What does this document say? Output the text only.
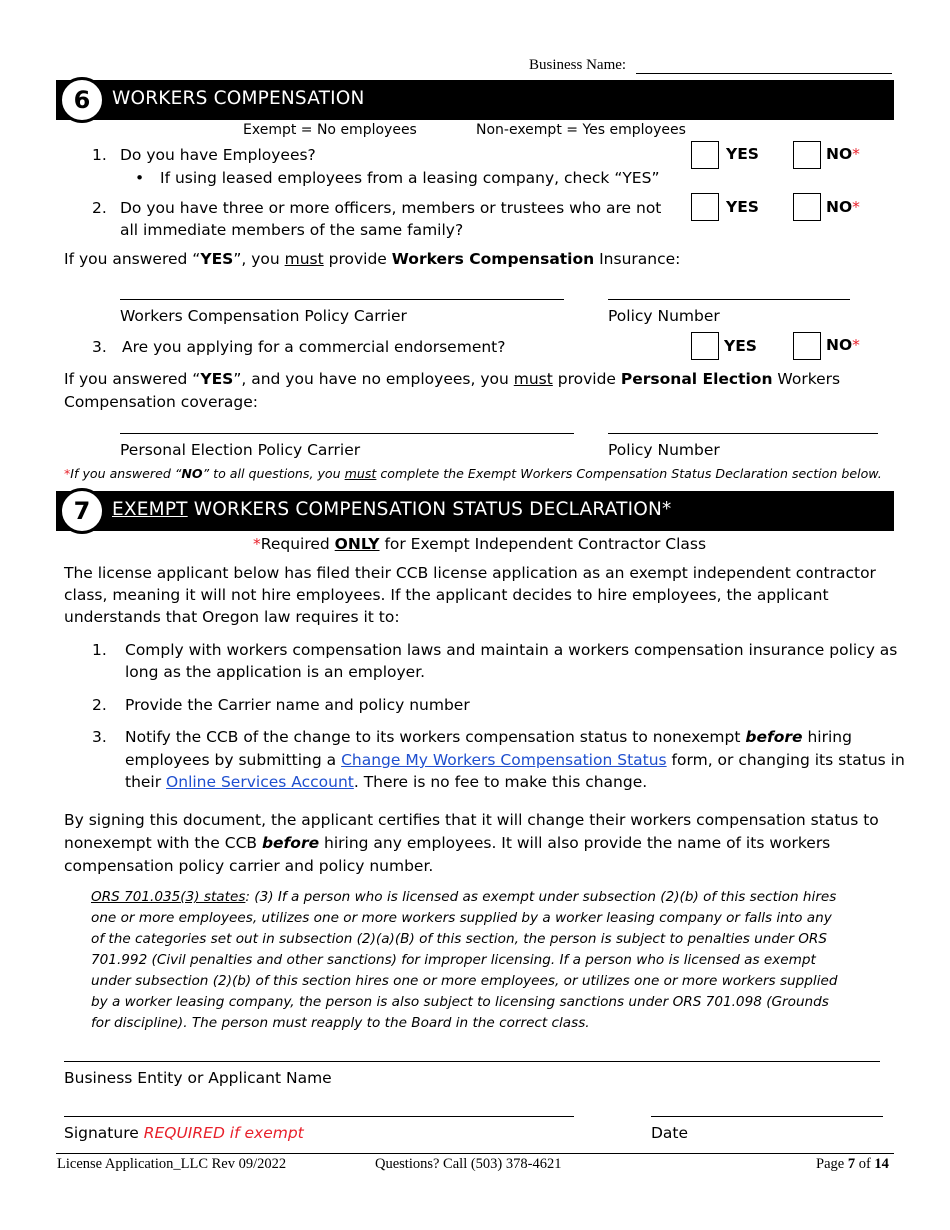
Business Name:
6	WORKERS COMPENSATION
Exempt = No employees	Non-exempt = Yes employees
1. Do you have Employees?
• If using leased employees from a leasing company, check “YES”
YES	NO*
2. Do you have three or more officers, members or trustees who are not
all immediate members of the same family?
YES	NO*
If you answered “YES”, you must provide Workers Compensation Insurance:
Workers Compensation Policy Carrier	Policy Number
3. Are you applying for a commercial endorsement?	YES	NO*
If you answered “YES”, and you have no employees, you must provide Personal Election Workers
Compensation coverage:
Personal Election Policy Carrier	Policy Number
*If you answered “NO” to all questions, you must complete the Exempt Workers Compensation Status Declaration section below.
7	EXEMPT WORKERS COMPENSATION STATUS DECLARATION*
*Required ONLY for Exempt Independent Contractor Class
The license applicant below has filed their CCB license application as an exempt independent contractor
class, meaning it will not hire employees. If the applicant decides to hire employees, the applicant
understands that Oregon law requires it to:
1. Comply with workers compensation laws and maintain a workers compensation insurance policy as
long as the application is an employer.
2. Provide the Carrier name and policy number
3. Notify the CCB of the change to its workers compensation status to nonexempt before hiring
employees by submitting a Change My Workers Compensation Status form, or changing its status in
their Online Services Account. There is no fee to make this change.
By signing this document, the applicant certifies that it will change their workers compensation status to
nonexempt with the CCB before hiring any employees. It will also provide the name of its workers
compensation policy carrier and policy number.
ORS 701.035(3) states: (3) If a person who is licensed as exempt under subsection (2)(b) of this section hires
one or more employees, utilizes one or more workers supplied by a worker leasing company or falls into any
of the categories set out in subsection (2)(a)(B) of this section, the person is subject to penalties under ORS
701.992 (Civil penalties and other sanctions) for improper licensing. If a person who is licensed as exempt
under subsection (2)(b) of this section hires one or more employees, or utilizes one or more workers supplied
by a worker leasing company, the person is also subject to licensing sanctions under ORS 701.098 (Grounds
for discipline). The person must reapply to the Board in the correct class.
Business Entity or Applicant Name
Signature REQUIRED if exempt	Date
License Application_LLC Rev 09/2022	Questions? Call (503) 378-4621	Page 7 of 14
